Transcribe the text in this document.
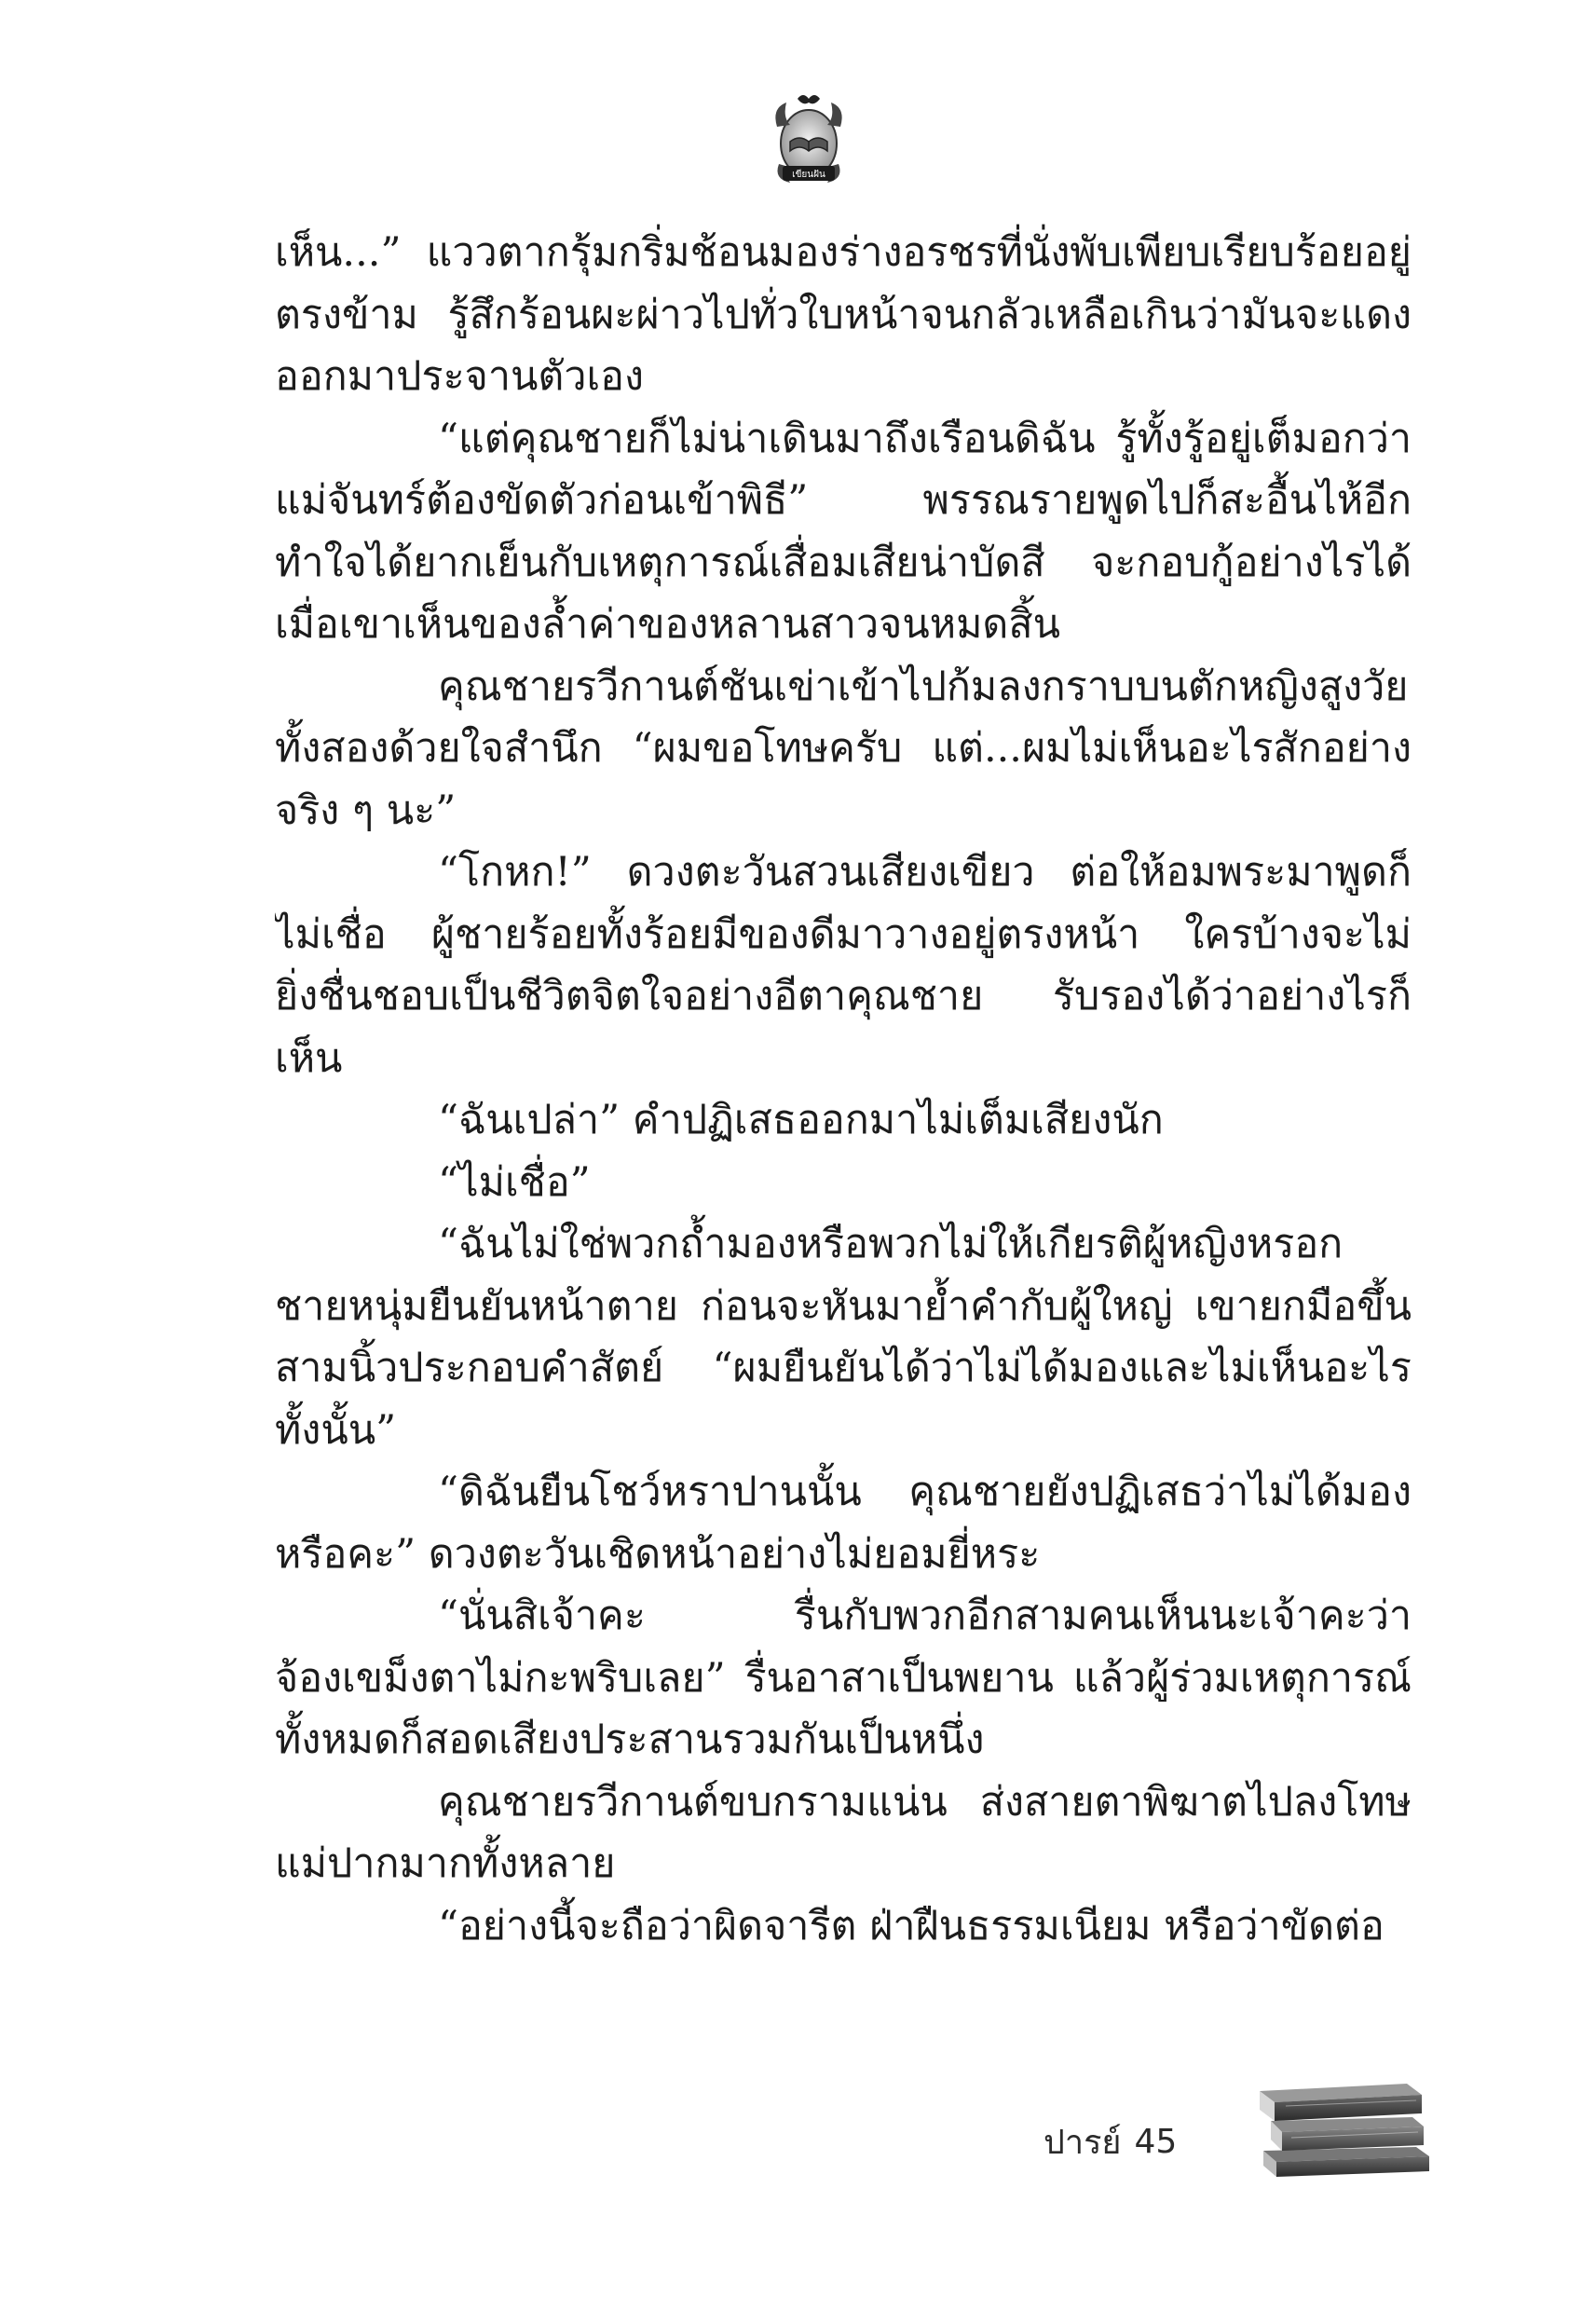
เขียนฝัน
เห็น...” แววตากรุ้มกริ่มช้อนมองร่างอรชรที่นั่งพับเพียบเรียบร้อยอยู่
ตรงข้าม รู้สึกร้อนผะผ่าวไปทั่วใบหน้าจนกลัวเหลือเกินว่ามันจะแดง
ออกมาประจานตัวเอง
“แต่คุณชายก็ไม่น่าเดินมาถึงเรือนดิฉัน รู้ทั้งรู้อยู่เต็มอกว่า
แม่จันทร์ต้องขัดตัวก่อนเข้าพิธี” พรรณรายพูดไปก็สะอื้นไห้อีก
ทำใจได้ยากเย็นกับเหตุการณ์เสื่อมเสียน่าบัดสี จะกอบกู้อย่างไรได้
เมื่อเขาเห็นของล้ำค่าของหลานสาวจนหมดสิ้น
คุณชายรวีกานต์ชันเข่าเข้าไปก้มลงกราบบนตักหญิงสูงวัย
ทั้งสองด้วยใจสำนึก “ผมขอโทษครับ แต่...ผมไม่เห็นอะไรสักอย่าง
จริง ๆ นะ”
“โกหก!” ดวงตะวันสวนเสียงเขียว ต่อให้อมพระมาพูดก็
ไม่เชื่อ ผู้ชายร้อยทั้งร้อยมีของดีมาวางอยู่ตรงหน้า ใครบ้างจะไม่
ยิ่งชื่นชอบเป็นชีวิตจิตใจอย่างอีตาคุณชาย รับรองได้ว่าอย่างไรก็
เห็น
“ฉันเปล่า” คำปฏิเสธออกมาไม่เต็มเสียงนัก
“ไม่เชื่อ”
“ฉันไม่ใช่พวกถ้ำมองหรือพวกไม่ให้เกียรติผู้หญิงหรอก
ชายหนุ่มยืนยันหน้าตาย ก่อนจะหันมาย้ำคำกับผู้ใหญ่ เขายกมือขึ้น
สามนิ้วประกอบคำสัตย์ “ผมยืนยันได้ว่าไม่ได้มองและไม่เห็นอะไร
ทั้งนั้น”
“ดิฉันยืนโชว์หราปานนั้น คุณชายยังปฏิเสธว่าไม่ได้มอง
หรือคะ” ดวงตะวันเชิดหน้าอย่างไม่ยอมยี่หระ
“นั่นสิเจ้าคะ รื่นกับพวกอีกสามคนเห็นนะเจ้าคะว่า
จ้องเขม็งตาไม่กะพริบเลย” รื่นอาสาเป็นพยาน แล้วผู้ร่วมเหตุการณ์
ทั้งหมดก็สอดเสียงประสานรวมกันเป็นหนึ่ง
คุณชายรวีกานต์ขบกรามแน่น ส่งสายตาพิฆาตไปลงโทษ
แม่ปากมากทั้งหลาย
“อย่างนี้จะถือว่าผิดจารีต ฝ่าฝืนธรรมเนียม หรือว่าขัดต่อ
ปารย์ 45
